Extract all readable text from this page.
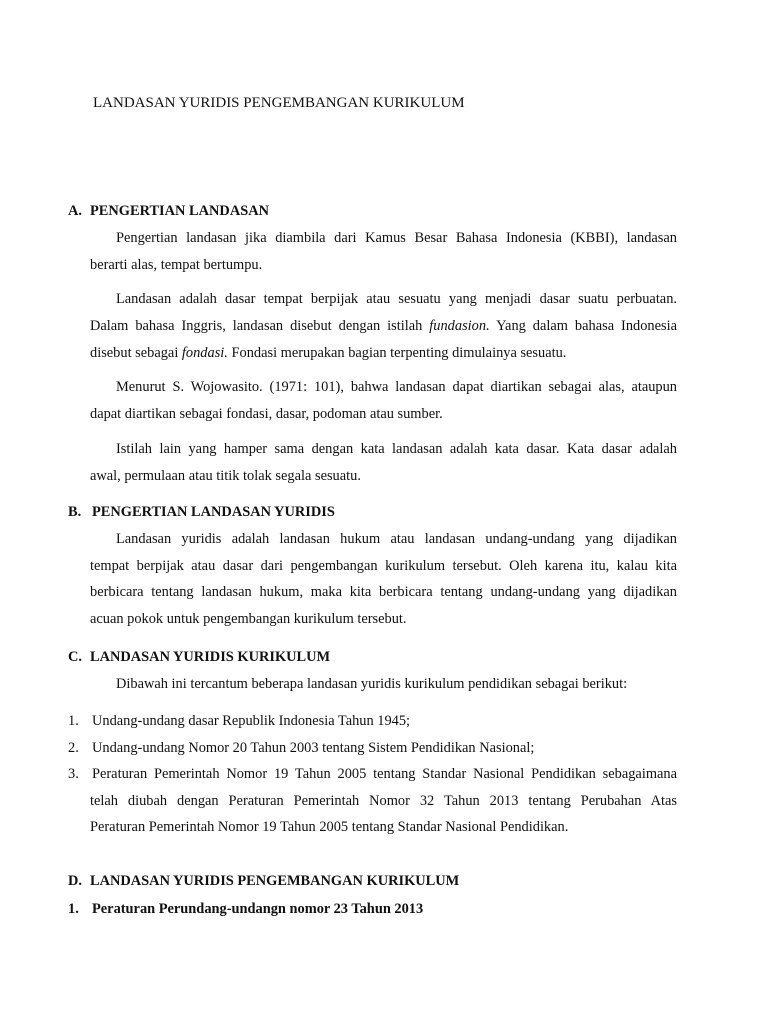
LANDASAN YURIDIS PENGEMBANGAN KURIKULUM
A. PENGERTIAN LANDASAN
Pengertian landasan jika diambila dari Kamus Besar Bahasa Indonesia (KBBI), landasan
berarti alas, tempat bertumpu.
Landasan adalah dasar tempat berpijak atau sesuatu yang menjadi dasar suatu perbuatan.
Dalam bahasa Inggris, landasan disebut dengan istilah fundasion. Yang dalam bahasa Indonesia
disebut sebagai fondasi. Fondasi merupakan bagian terpenting dimulainya sesuatu.
Menurut S. Wojowasito. (1971: 101), bahwa landasan dapat diartikan sebagai alas, ataupun
dapat diartikan sebagai fondasi, dasar, podoman atau sumber.
Istilah lain yang hamper sama dengan kata landasan adalah kata dasar. Kata dasar adalah
awal, permulaan atau titik tolak segala sesuatu.
B. PENGERTIAN LANDASAN YURIDIS
Landasan yuridis adalah landasan hukum atau landasan undang-undang yang dijadikan
tempat berpijak atau dasar dari pengembangan kurikulum tersebut. Oleh karena itu, kalau kita
berbicara tentang landasan hukum, maka kita berbicara tentang undang-undang yang dijadikan
acuan pokok untuk pengembangan kurikulum tersebut.
C. LANDASAN YURIDIS KURIKULUM
Dibawah ini tercantum beberapa landasan yuridis kurikulum pendidikan sebagai berikut:
1. Undang-undang dasar Republik Indonesia Tahun 1945;
2. Undang-undang Nomor 20 Tahun 2003 tentang Sistem Pendidikan Nasional;
3. Peraturan Pemerintah Nomor 19 Tahun 2005 tentang Standar Nasional Pendidikan sebagaimana
telah diubah dengan Peraturan Pemerintah Nomor 32 Tahun 2013 tentang Perubahan Atas
Peraturan Pemerintah Nomor 19 Tahun 2005 tentang Standar Nasional Pendidikan.
D. LANDASAN YURIDIS PENGEMBANGAN KURIKULUM
1. Peraturan Perundang-undangn nomor 23 Tahun 2013
